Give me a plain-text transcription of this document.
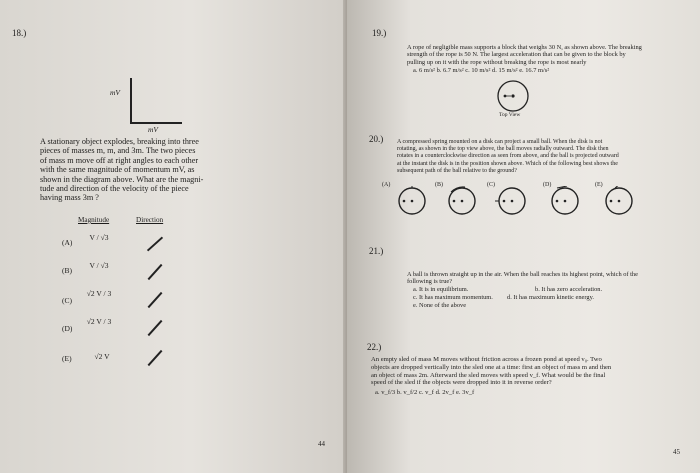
18.)
mV
mV
A stationary object explodes, breaking into three
pieces of masses m, m, and 3m. The two pieces
of mass m move off at right angles to each other
with the same magnitude of momentum mV, as
shown in the diagram above. What are the magni-
tude and direction of the velocity of the piece
having mass 3m ?
Magnitude	Direction
(A)
V / √3
(B)
V / √3
(C)
√2 V / 3
(D)
√2 V / 3
(E)	√2 V
44
19.)
A rope of negligible mass supports a block that weighs 30 N, as shown above. The breaking
strength of the rope is 50 N. The largest acceleration that can be given to the block by
pulling up on it with the rope without breaking the rope is most nearly
a. 6 m/s² b. 6.7 m/s² c. 10 m/s² d. 15 m/s² e. 16.7 m/s²
Top View
20.) A compressed spring mounted on a disk can project a small ball. When the disk is not
rotating, as shown in the top view above, the ball moves radially outward. The disk then
rotates in a counterclockwise direction as seen from above, and the ball is projected outward
at the instant the disk is in the position shown above. Which of the following best shows the
subsequent path of the ball relative to the ground?
(A)	(B)	(C)	(D)	(E)
21.)
A ball is thrown straight up in the air. When the ball reaches its highest point, which of the
following is true?
a. It is in equilibrium.	b. It has zero acceleration.
c. It has maximum momentum. d. It has maximum kinetic energy.
e. None of the above
22.)
An empty sled of mass M moves without friction across a frozen pond at speed v₀. Two
objects are dropped vertically into the sled one at a time: first an object of mass m and then
an object of mass 2m. Afterward the sled moves with speed v_f. What would be the final
speed of the sled if the objects were dropped into it in reverse order?
a. v_f/3 b. v_f/2 c. v_f d. 2v_f e. 3v_f
45
